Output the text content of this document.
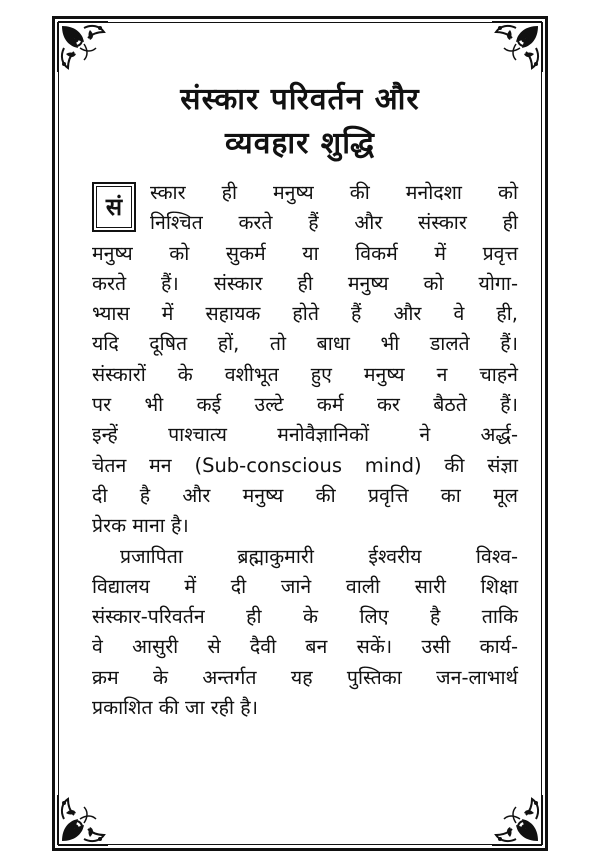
संस्कार परिवर्तन और
व्यवहार शुद्धि

सं
स्कार ही मनुष्य की मनोदशा को
निश्चित करते हैं और संस्कार ही
मनुष्य को सुकर्म या विकर्म में प्रवृत्त
करते हैं। संस्कार ही मनुष्य को योगा-
भ्यास में सहायक होते हैं और वे ही,
यदि दूषित हों, तो बाधा भी डालते हैं।
संस्कारों के वशीभूत हुए मनुष्य न चाहने
पर भी कई उल्टे कर्म कर बैठते हैं।
इन्हें पाश्चात्य मनोवैज्ञानिकों ने अर्द्ध-
चेतन मन (Sub-conscious mind) की संज्ञा
दी है और मनुष्य की प्रवृत्ति का मूल
प्रेरक माना है।

प्रजापिता ब्रह्माकुमारी ईश्वरीय विश्व-
विद्यालय में दी जाने वाली सारी शिक्षा
संस्कार-परिवर्तन ही के लिए है ताकि
वे आसुरी से दैवी बन सकें। उसी कार्य-
क्रम के अन्तर्गत यह पुस्तिका जन-लाभार्थ
प्रकाशित की जा रही है।
